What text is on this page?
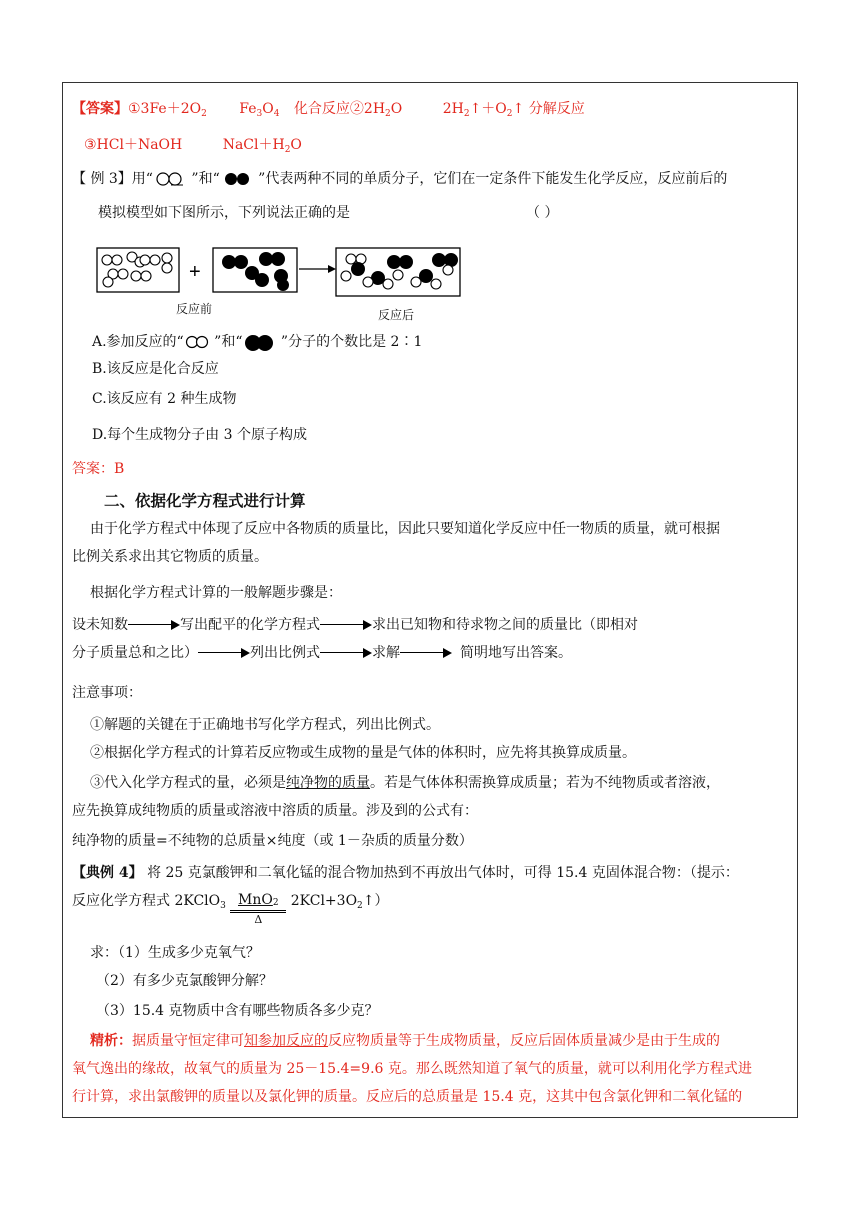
【答案】$①3Fe+2O_2$ $Fe_3O_4$ 化合反应$②2H_2O$	$2H_2↑+O_2↑$ 分解反应
③HCl＋NaOH	$NaCl+H_2O$
【 例 3】用“ ”和“ ”代表两种不同的单质分子，它们在一定条件下能发生化学反应，反应前后的
模拟模型如下图所示，下列说法正确的是	（ ）
+
反应前	反应后
A.参加反应的“ ”和“ ”分子的个数比是 2∶1
B.该反应是化合反应
C.该反应有 2 种生成物
D.每个生成物分子由 3 个原子构成
答案：B
二、依据化学方程式进行计算
由于化学方程式中体现了反应中各物质的质量比，因此只要知道化学反应中任一物质的质量，就可根据
比例关系求出其它物质的质量。
根据化学方程式计算的一般解题步骤是：
设未知数	写出配平的化学方程式	求出已知物和待求物之间的质量比（即相对
分子质量总和之比）	列出比例式	求解	简明地写出答案。
注意事项：
①解题的关键在于正确地书写化学方程式，列出比例式。
②根据化学方程式的计算若反应物或生成物的量是气体的体积时，应先将其换算成质量。
③代入化学方程式的量，必须是纯净物的质量。若是气体体积需换算成质量；若为不纯物质或者溶液，
应先换算成纯物质的质量或溶液中溶质的质量。涉及到的公式有：
纯净物的质量=不纯物的总质量×纯度（或 1－杂质的质量分数）
【典例 4】 将 25 克氯酸钾和二氧化锰的混合物加热到不再放出气体时，可得 15.4 克固体混合物：（提示：
反应化学方程式 2KClO$_3$ MnO2
Δ
$2KCl+3O_2↑$）
求：（1）生成多少克氧气？
（2）有多少克氯酸钾分解？
（3）15.4 克物质中含有哪些物质各多少克？
精析：据质量守恒定律可知参加反应的反应物质量等于生成物质量，反应后固体质量减少是由于生成的
氧气逸出的缘故，故氧气的质量为 25－15.4=9.6 克。那么既然知道了氧气的质量，就可以利用化学方程式进
行计算，求出氯酸钾的质量以及氯化钾的质量。反应后的总质量是 15.4 克，这其中包含氯化钾和二氧化锰的
